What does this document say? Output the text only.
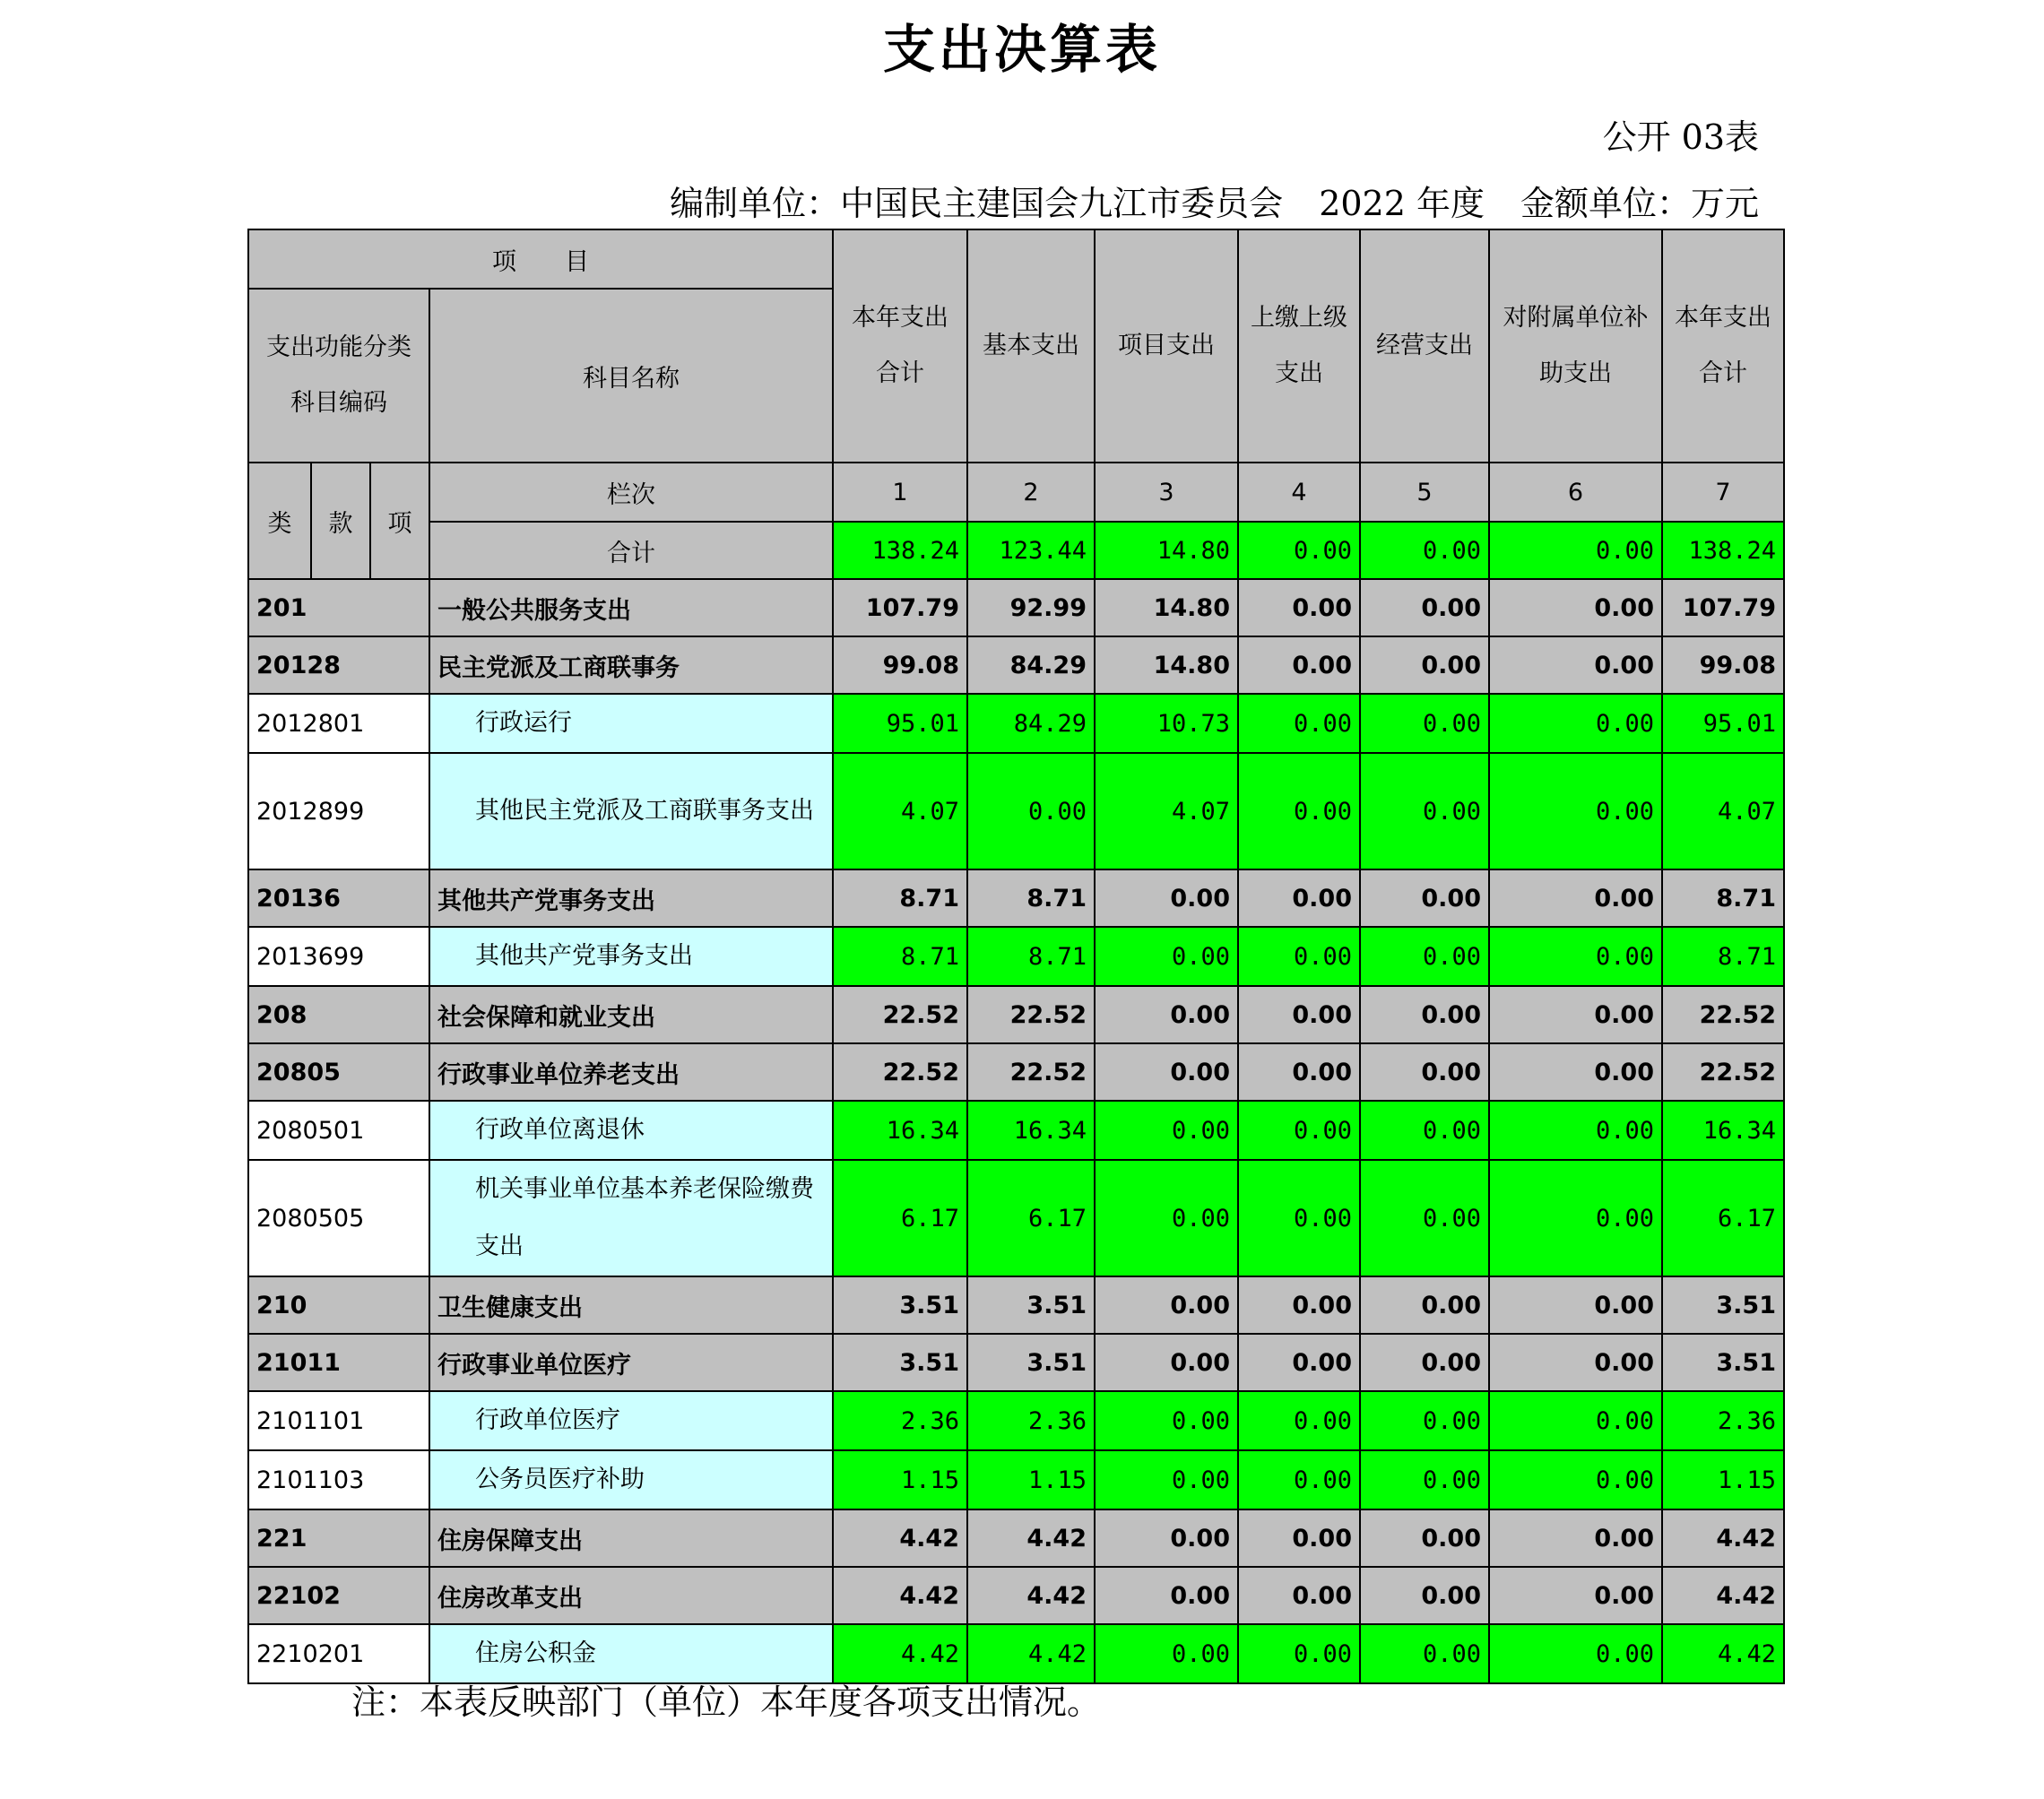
支出决算表
公开 03表
编制单位：中国民主建国会九江市委员会 2022 年度 金额单位：万元
项　　目				本年支出合计	基本支出	项目支出	上缴上级支出	经营支出	对附属单位补助支出	本年支出合计
支出功能分类科目编码			科目名称							
类	款	项	栏次	1	2	3	4	5	6	7
			合计	138.24	123.44	14.80	0.00	0.00	0.00	138.24
201			一般公共服务支出	107.79	92.99	14.80	0.00	0.00	0.00	107.79
20128			民主党派及工商联事务	99.08	84.29	14.80	0.00	0.00	0.00	99.08
2012801			行政运行	95.01	84.29	10.73	0.00	0.00	0.00	95.01
2012899			其他民主党派及工商联事务支出	4.07	0.00	4.07	0.00	0.00	0.00	4.07
20136			其他共产党事务支出	8.71	8.71	0.00	0.00	0.00	0.00	8.71
2013699			其他共产党事务支出	8.71	8.71	0.00	0.00	0.00	0.00	8.71
208			社会保障和就业支出	22.52	22.52	0.00	0.00	0.00	0.00	22.52
20805			行政事业单位养老支出	22.52	22.52	0.00	0.00	0.00	0.00	22.52
2080501			行政单位离退休	16.34	16.34	0.00	0.00	0.00	0.00	16.34
2080505			机关事业单位基本养老保险缴费支出	6.17	6.17	0.00	0.00	0.00	0.00	6.17
210			卫生健康支出	3.51	3.51	0.00	0.00	0.00	0.00	3.51
21011			行政事业单位医疗	3.51	3.51	0.00	0.00	0.00	0.00	3.51
2101101			行政单位医疗	2.36	2.36	0.00	0.00	0.00	0.00	2.36
2101103			公务员医疗补助	1.15	1.15	0.00	0.00	0.00	0.00	1.15
221			住房保障支出	4.42	4.42	0.00	0.00	0.00	0.00	4.42
22102			住房改革支出	4.42	4.42	0.00	0.00	0.00	0.00	4.42
2210201			住房公积金	4.42	4.42	0.00	0.00	0.00	0.00	4.42
注：本表反映部门（单位）本年度各项支出情况。
